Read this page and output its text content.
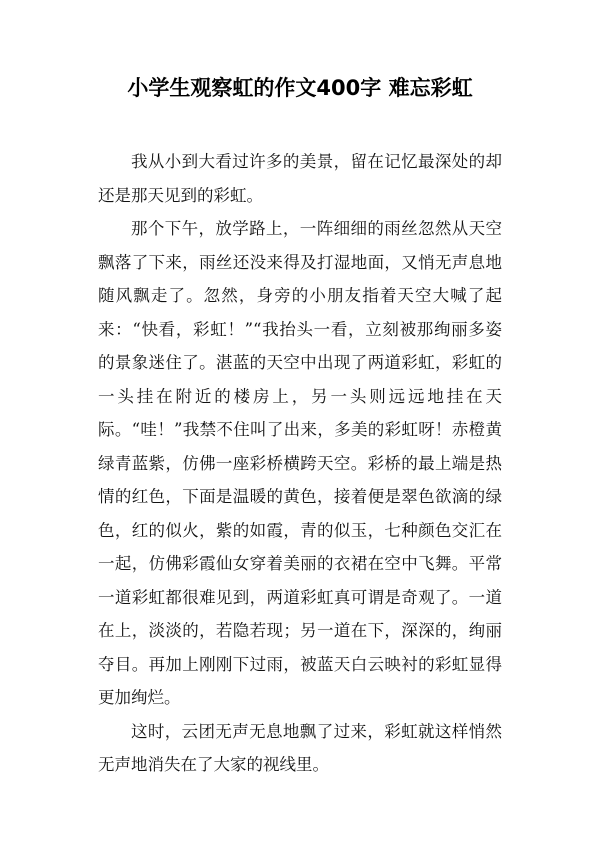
小学生观察虹的作文400字 难忘彩虹

我从小到大看过许多的美景，留在记忆最深处的却还是那天见到的彩虹。

那个下午，放学路上，一阵细细的雨丝忽然从天空飘落了下来，雨丝还没来得及打湿地面，又悄无声息地随风飘走了。忽然，身旁的小朋友指着天空大喊了起来：“快看，彩虹！”“我抬头一看，立刻被那绚丽多姿的景象迷住了。湛蓝的天空中出现了两道彩虹，彩虹的一头挂在附近的楼房上，另一头则远远地挂在天际。“哇！”我禁不住叫了出来，多美的彩虹呀！赤橙黄绿青蓝紫，仿佛一座彩桥横跨天空。彩桥的最上端是热情的红色，下面是温暖的黄色，接着便是翠色欲滴的绿色，红的似火，紫的如霞，青的似玉，七种颜色交汇在一起，仿佛彩霞仙女穿着美丽的衣裙在空中飞舞。平常一道彩虹都很难见到，两道彩虹真可谓是奇观了。一道在上，淡淡的，若隐若现；另一道在下，深深的，绚丽夺目。再加上刚刚下过雨，被蓝天白云映衬的彩虹显得更加绚烂。

这时，云团无声无息地飘了过来，彩虹就这样悄然无声地消失在了大家的视线里。
